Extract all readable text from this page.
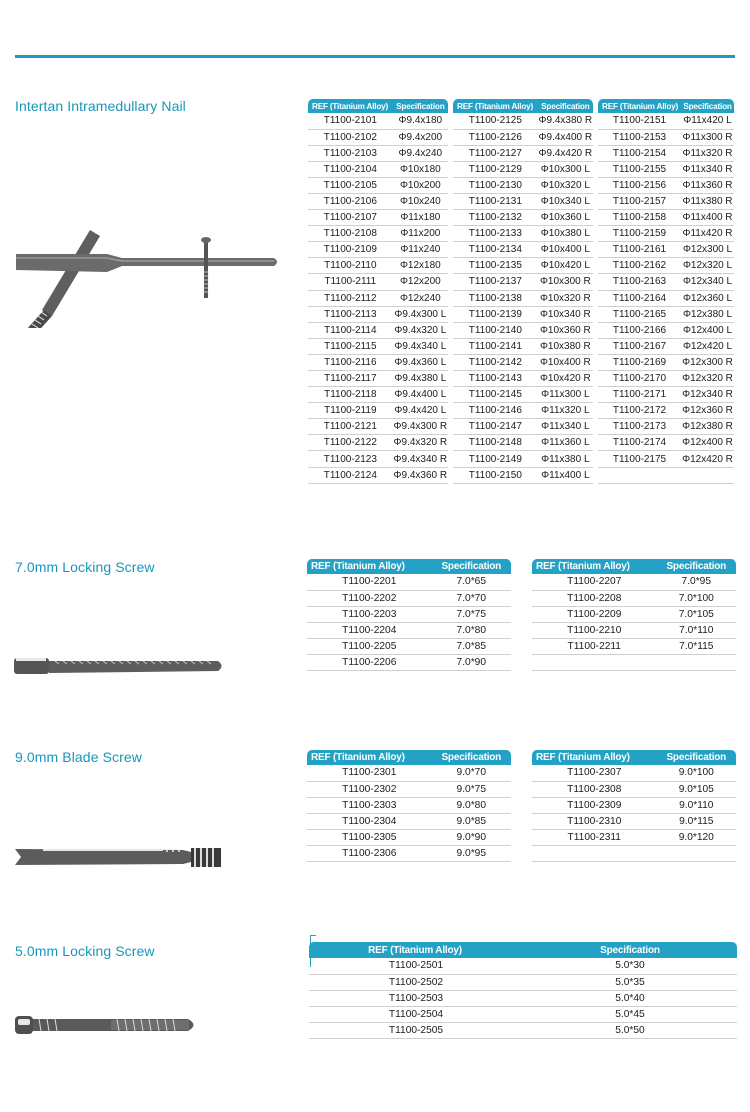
Intertan Intramedullary Nail	REF (Titanium Alloy)	Specification
T1100-2101	Φ9.4x180
T1100-2102	Φ9.4x200
T1100-2103	Φ9.4x240
T1100-2104	Φ10x180
T1100-2105	Φ10x200
T1100-2106	Φ10x240
T1100-2107	Φ11x180
T1100-2108	Φ11x200
T1100-2109	Φ11x240
T1100-2110	Φ12x180
T1100-2111	Φ12x200
T1100-2112	Φ12x240
T1100-2113	Φ9.4x300 L
T1100-2114	Φ9.4x320 L
T1100-2115	Φ9.4x340 L
T1100-2116	Φ9.4x360 L
T1100-2117	Φ9.4x380 L
T1100-2118	Φ9.4x400 L
T1100-2119	Φ9.4x420 L
T1100-2121	Φ9.4x300 R
T1100-2122	Φ9.4x320 R
T1100-2123	Φ9.4x340 R
T1100-2124	Φ9.4x360 R
REF (Titanium Alloy)	Specification
T1100-2125	Φ9.4x380 R
T1100-2126	Φ9.4x400 R
T1100-2127	Φ9.4x420 R
T1100-2129	Φ10x300 L
T1100-2130	Φ10x320 L
T1100-2131	Φ10x340 L
T1100-2132	Φ10x360 L
T1100-2133	Φ10x380 L
T1100-2134	Φ10x400 L
T1100-2135	Φ10x420 L
T1100-2137	Φ10x300 R
T1100-2138	Φ10x320 R
T1100-2139	Φ10x340 R
T1100-2140	Φ10x360 R
T1100-2141	Φ10x380 R
T1100-2142	Φ10x400 R
T1100-2143	Φ10x420 R
T1100-2145	Φ11x300 L
T1100-2146	Φ11x320 L
T1100-2147	Φ11x340 L
T1100-2148	Φ11x360 L
T1100-2149	Φ11x380 L
T1100-2150	Φ11x400 L
REF (Titanium Alloy)	Specification
T1100-2151	Φ11x420 L
T1100-2153	Φ11x300 R
T1100-2154	Φ11x320 R
T1100-2155	Φ11x340 R
T1100-2156	Φ11x360 R
T1100-2157	Φ11x380 R
T1100-2158	Φ11x400 R
T1100-2159	Φ11x420 R
T1100-2161	Φ12x300 L
T1100-2162	Φ12x320 L
T1100-2163	Φ12x340 L
T1100-2164	Φ12x360 L
T1100-2165	Φ12x380 L
T1100-2166	Φ12x400 L
T1100-2167	Φ12x420 L
T1100-2169	Φ12x300 R
T1100-2170	Φ12x320 R
T1100-2171	Φ12x340 R
T1100-2172	Φ12x360 R
T1100-2173	Φ12x380 R
T1100-2174	Φ12x400 R
T1100-2175	Φ12x420 R

7.0mm Locking Screw	REF (Titanium Alloy)	Specification
T1100-2201	7.0*65
T1100-2202	7.0*70
T1100-2203	7.0*75
T1100-2204	7.0*80
T1100-2205	7.0*85
T1100-2206	7.0*90
REF (Titanium Alloy)	Specification
T1100-2207	7.0*95
T1100-2208	7.0*100
T1100-2209	7.0*105
T1100-2210	7.0*110
T1100-2211	7.0*115

9.0mm Blade Screw	REF (Titanium Alloy)	Specification
T1100-2301	9.0*70
T1100-2302	9.0*75
T1100-2303	9.0*80
T1100-2304	9.0*85
T1100-2305	9.0*90
T1100-2306	9.0*95
REF (Titanium Alloy)	Specification
T1100-2307	9.0*100
T1100-2308	9.0*105
T1100-2309	9.0*110
T1100-2310	9.0*115
T1100-2311	9.0*120

5.0mm Locking Screw	REF (Titanium Alloy)	Specification
T1100-2501	5.0*30
T1100-2502	5.0*35
T1100-2503	5.0*40
T1100-2504	5.0*45
T1100-2505	5.0*50
